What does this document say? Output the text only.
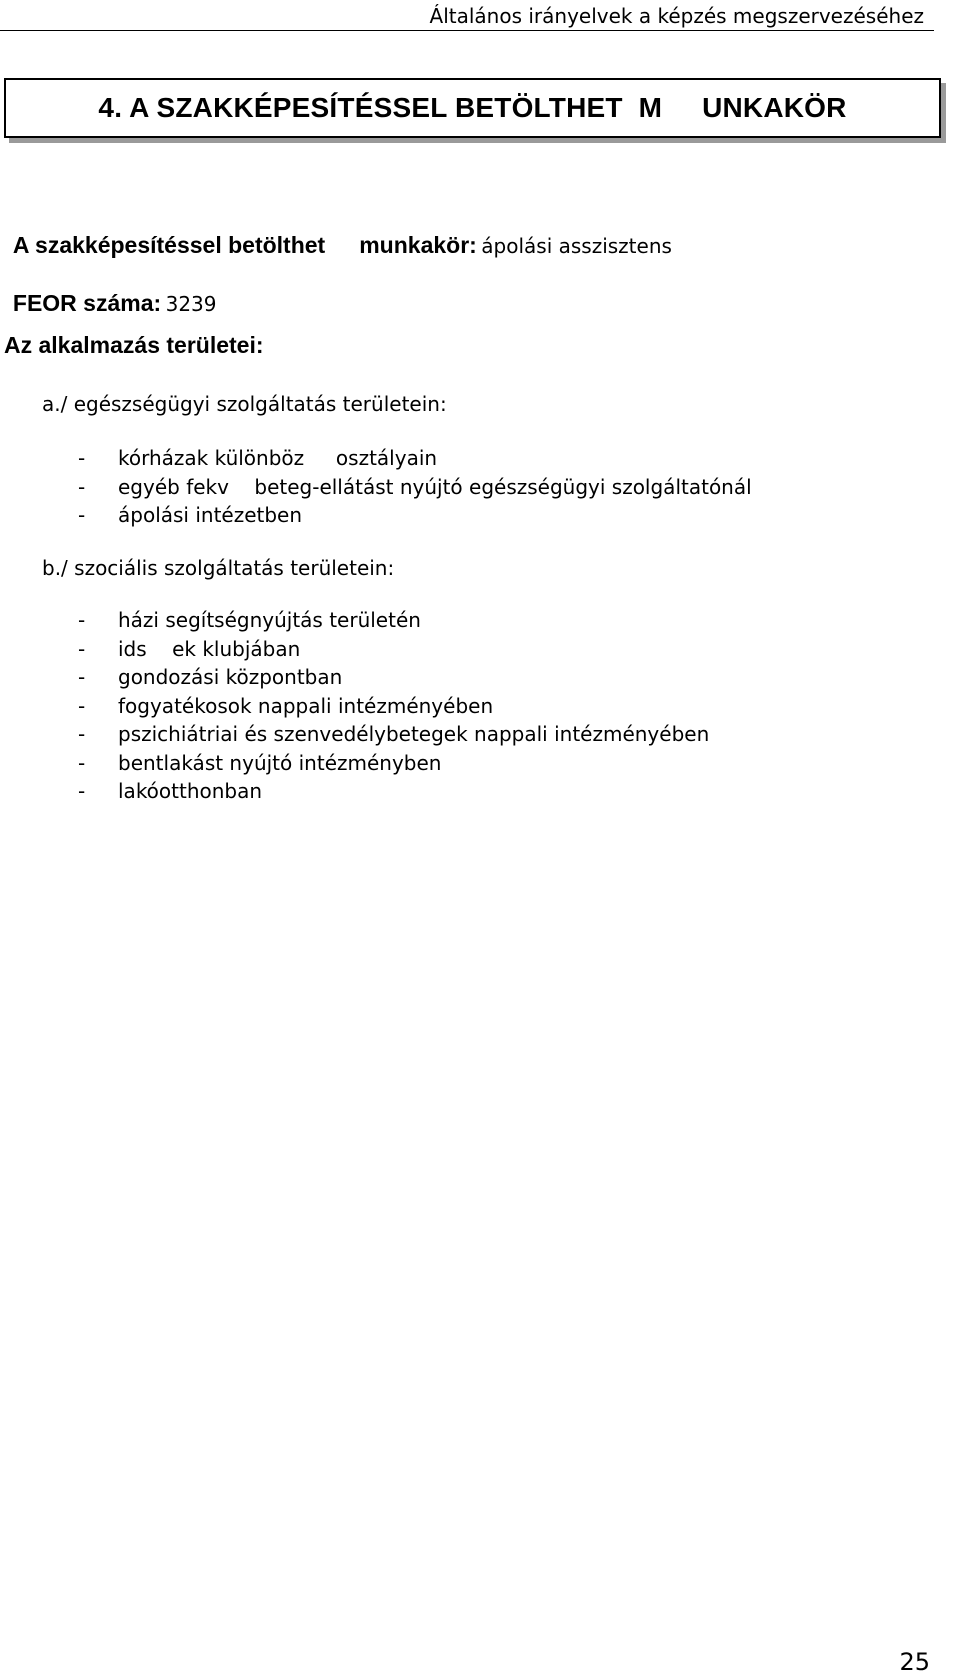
Általános irányelvek a képzés megszervezéséhez
4. A SZAKKÉPESÍTÉSSEL BETÖLTHET  M     UNKAKÖR

A szakképesítéssel betölthet munkakör: ápolási asszisztens

FEOR száma: 3239

Az alkalmazás területei:
a./ egészségügyi szolgáltatás területein:
-	kórházak különböz     osztályain
-	egyéb fekv    beteg-ellátást nyújtó egészségügyi szolgáltatónál
-	ápolási intézetben
b./ szociális szolgáltatás területein:
-	házi segítségnyújtás területén
-	ids    ek klubjában
-	gondozási központban
-	fogyatékosok nappali intézményében
-	pszichiátriai és szenvedélybetegek nappali intézményében
-	bentlakást nyújtó intézményben
-	lakóotthonban
25
